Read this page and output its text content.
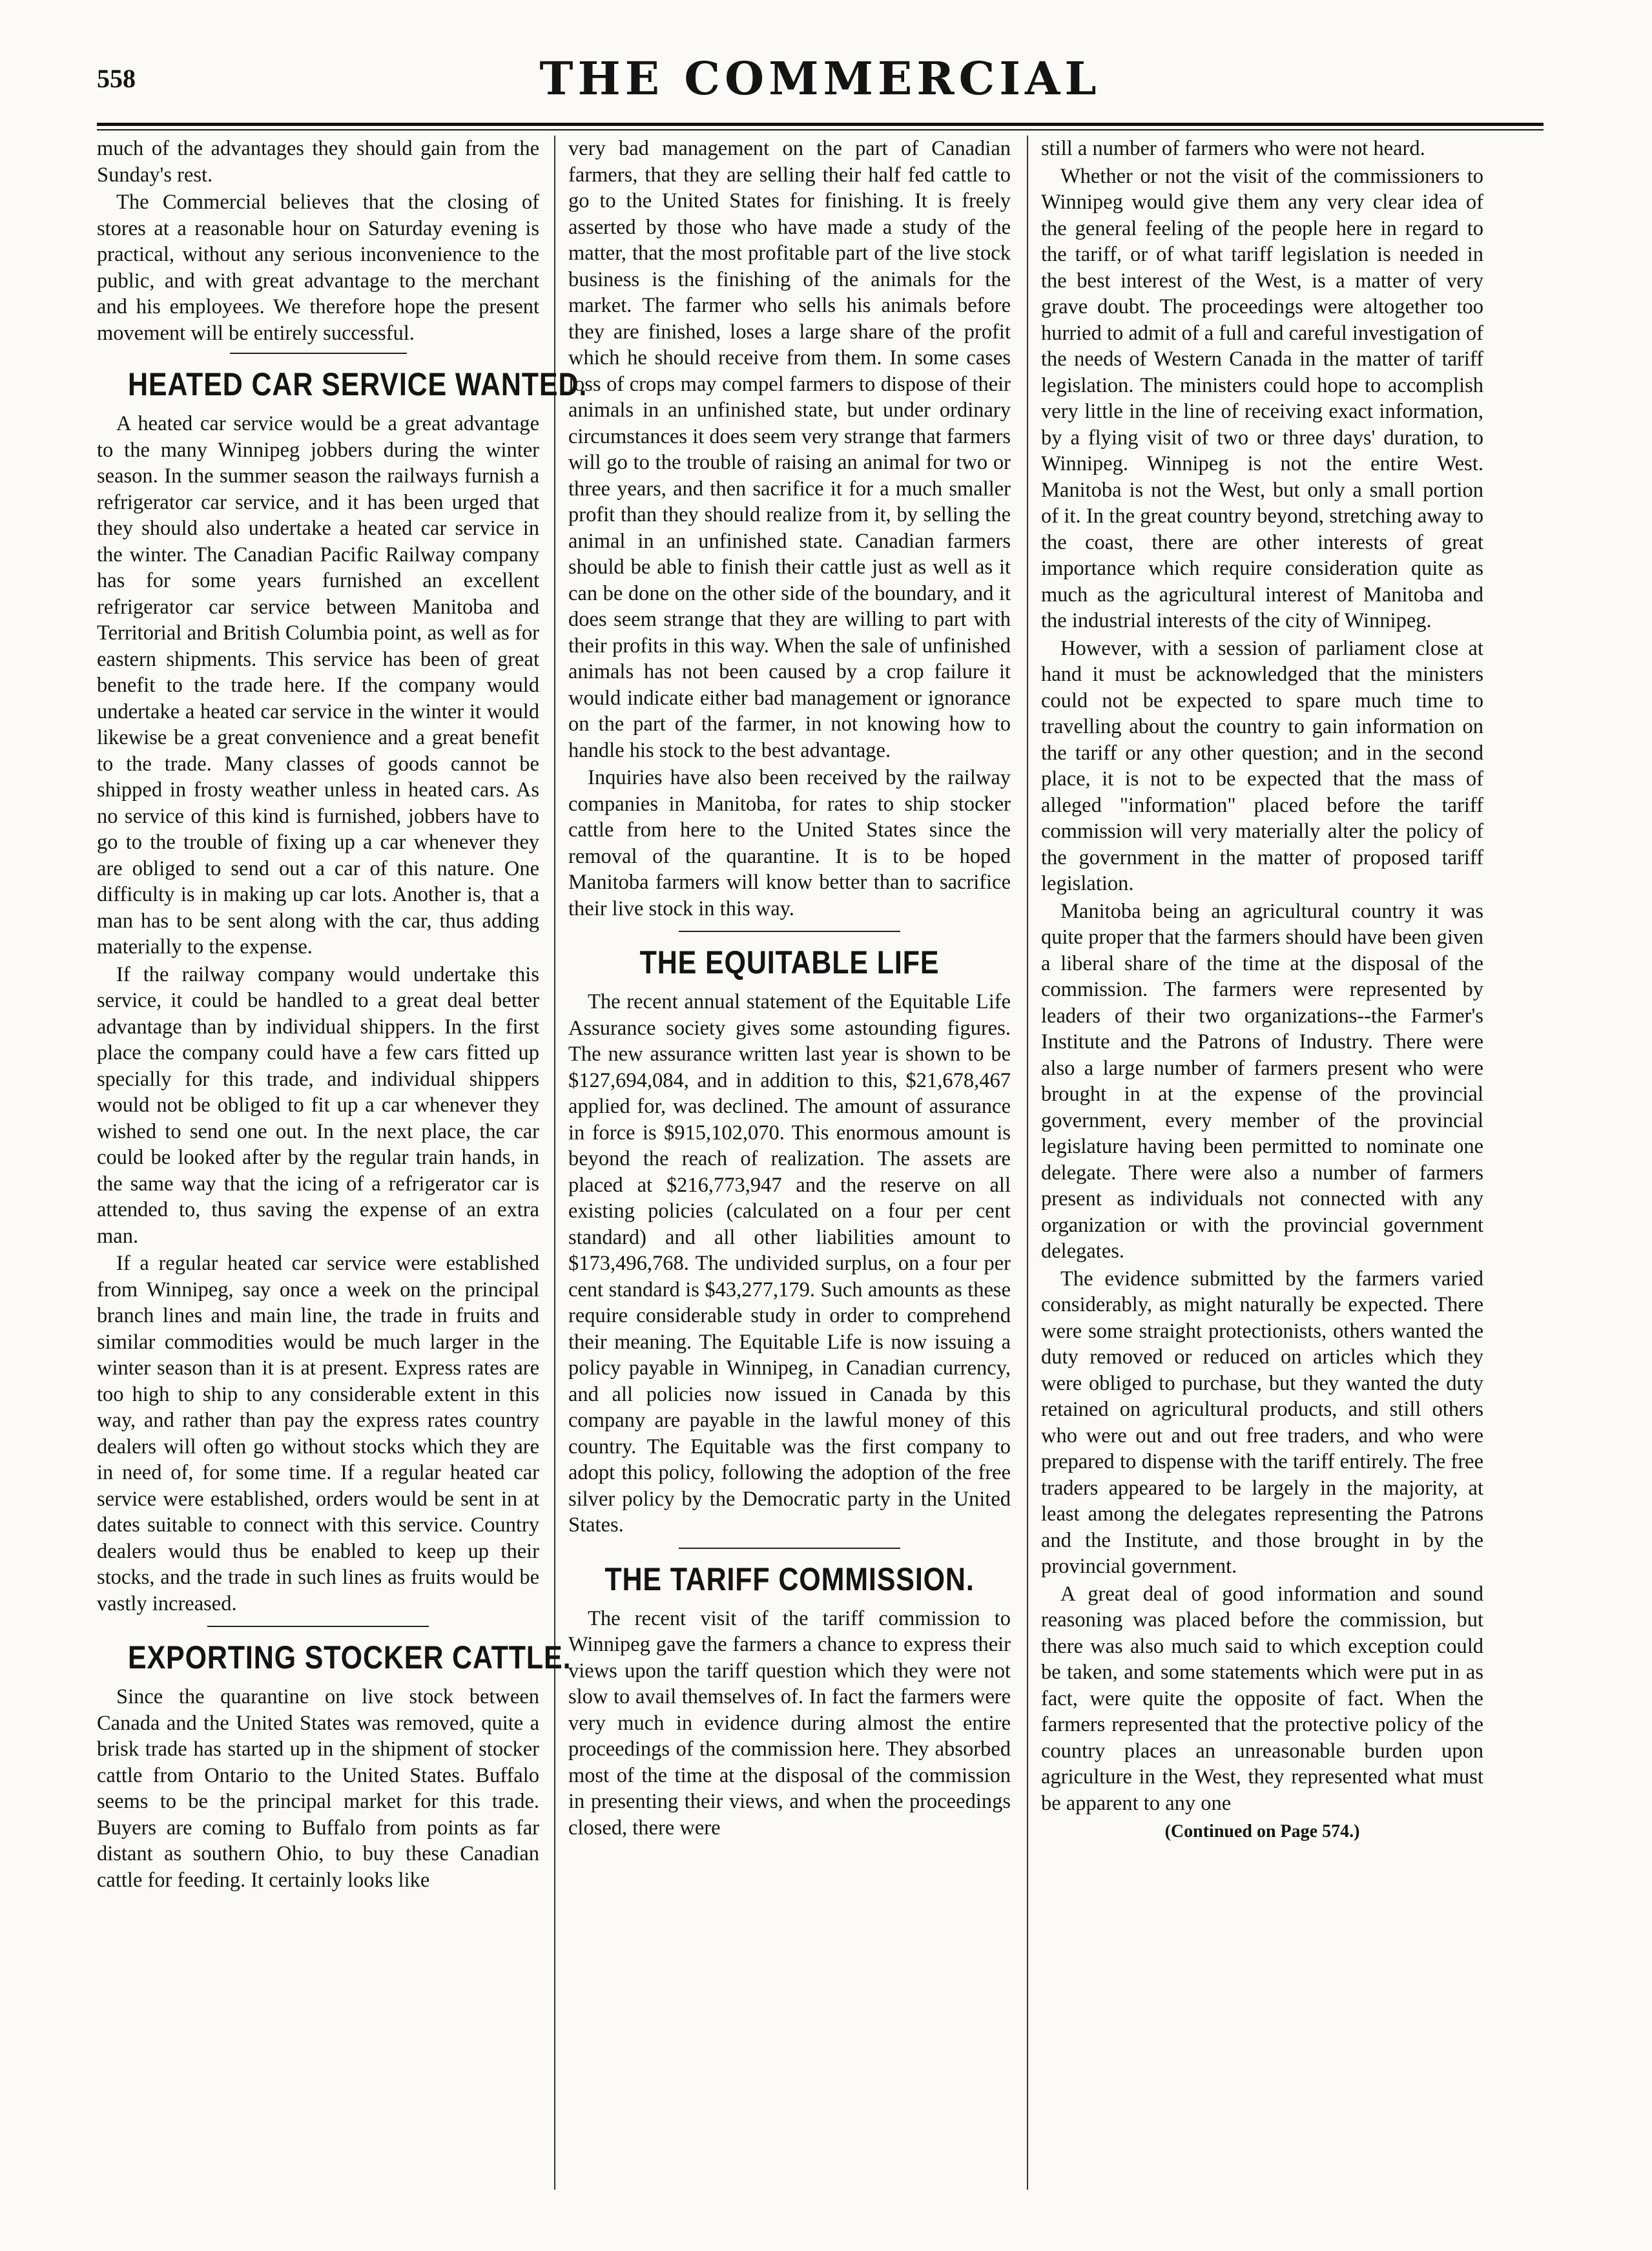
558	THE COMMERCIAL

much of the advantages they should gain from the Sunday's rest.

The Commercial believes that the closing of stores at a reasonable hour on Saturday evening is practical, without any serious inconvenience to the public, and with great advantage to the merchant and his employees. We therefore hope the present movement will be entirely successful.

HEATED CAR SERVICE WANTED.

A heated car service would be a great advantage to the many Winnipeg jobbers during the winter season. In the summer season the railways furnish a refrigerator car service, and it has been urged that they should also undertake a heated car service in the winter. The Canadian Pacific Railway company has for some years furnished an excellent refrigerator car service between Manitoba and Territorial and British Columbia point, as well as for eastern shipments. This service has been of great benefit to the trade here. If the company would undertake a heated car service in the winter it would likewise be a great convenience and a great benefit to the trade. Many classes of goods cannot be shipped in frosty weather unless in heated cars. As no service of this kind is furnished, jobbers have to go to the trouble of fixing up a car whenever they are obliged to send out a car of this nature. One difficulty is in making up car lots. Another is, that a man has to be sent along with the car, thus adding materially to the expense.

If the railway company would undertake this service, it could be handled to a great deal better advantage than by individual shippers. In the first place the company could have a few cars fitted up specially for this trade, and individual shippers would not be obliged to fit up a car whenever they wished to send one out. In the next place, the car could be looked after by the regular train hands, in the same way that the icing of a refrigerator car is attended to, thus saving the expense of an extra man.

If a regular heated car service were established from Winnipeg, say once a week on the principal branch lines and main line, the trade in fruits and similar commodities would be much larger in the winter season than it is at present. Express rates are too high to ship to any considerable extent in this way, and rather than pay the express rates country dealers will often go without stocks which they are in need of, for some time. If a regular heated car service were established, orders would be sent in at dates suitable to connect with this service. Country dealers would thus be enabled to keep up their stocks, and the trade in such lines as fruits would be vastly increased.

EXPORTING STOCKER CATTLE.

Since the quarantine on live stock between Canada and the United States was removed, quite a brisk trade has started up in the shipment of stocker cattle from Ontario to the United States. Buffalo seems to be the principal market for this trade. Buyers are coming to Buffalo from points as far distant as southern Ohio, to buy these Canadian cattle for feeding. It certainly looks like

very bad management on the part of Canadian farmers, that they are selling their half fed cattle to go to the United States for finishing. It is freely asserted by those who have made a study of the matter, that the most profitable part of the live stock business is the finishing of the animals for the market. The farmer who sells his animals before they are finished, loses a large share of the profit which he should receive from them. In some cases loss of crops may compel farmers to dispose of their animals in an unfinished state, but under ordinary circumstances it does seem very strange that farmers will go to the trouble of raising an animal for two or three years, and then sacrifice it for a much smaller profit than they should realize from it, by selling the animal in an unfinished state. Canadian farmers should be able to finish their cattle just as well as it can be done on the other side of the boundary, and it does seem strange that they are willing to part with their profits in this way. When the sale of unfinished animals has not been caused by a crop failure it would indicate either bad management or ignorance on the part of the farmer, in not knowing how to handle his stock to the best advantage.

Inquiries have also been received by the railway companies in Manitoba, for rates to ship stocker cattle from here to the United States since the removal of the quarantine. It is to be hoped Manitoba farmers will know better than to sacrifice their live stock in this way.

THE EQUITABLE LIFE

The recent annual statement of the Equitable Life Assurance society gives some astounding figures. The new assurance written last year is shown to be $127,694,084, and in addition to this, $21,678,467 applied for, was declined. The amount of assurance in force is $915,102,070. This enormous amount is beyond the reach of realization. The assets are placed at $216,773,947 and the reserve on all existing policies (calculated on a four per cent standard) and all other liabilities amount to $173,496,768. The undivided surplus, on a four per cent standard is $43,277,179. Such amounts as these require considerable study in order to comprehend their meaning. The Equitable Life is now issuing a policy payable in Winnipeg, in Canadian currency, and all policies now issued in Canada by this company are payable in the lawful money of this country. The Equitable was the first company to adopt this policy, following the adoption of the free silver policy by the Democratic party in the United States.

THE TARIFF COMMISSION.

The recent visit of the tariff commission to Winnipeg gave the farmers a chance to express their views upon the tariff question which they were not slow to avail themselves of. In fact the farmers were very much in evidence during almost the entire proceedings of the commission here. They absorbed most of the time at the disposal of the commission in presenting their views, and when the proceedings closed, there were

still a number of farmers who were not heard.

Whether or not the visit of the commissioners to Winnipeg would give them any very clear idea of the general feeling of the people here in regard to the tariff, or of what tariff legislation is needed in the best interest of the West, is a matter of very grave doubt. The proceedings were altogether too hurried to admit of a full and careful investigation of the needs of Western Canada in the matter of tariff legislation. The ministers could hope to accomplish very little in the line of receiving exact information, by a flying visit of two or three days' duration, to Winnipeg. Winnipeg is not the entire West. Manitoba is not the West, but only a small portion of it. In the great country beyond, stretching away to the coast, there are other interests of great importance which require consideration quite as much as the agricultural interest of Manitoba and the industrial interests of the city of Winnipeg.

However, with a session of parliament close at hand it must be acknowledged that the ministers could not be expected to spare much time to travelling about the country to gain information on the tariff or any other question; and in the second place, it is not to be expected that the mass of alleged "information" placed before the tariff commission will very materially alter the policy of the government in the matter of proposed tariff legislation.

Manitoba being an agricultural country it was quite proper that the farmers should have been given a liberal share of the time at the disposal of the commission. The farmers were represented by leaders of their two organizations--the Farmer's Institute and the Patrons of Industry. There were also a large number of farmers present who were brought in at the expense of the provincial government, every member of the provincial legislature having been permitted to nominate one delegate. There were also a number of farmers present as individuals not connected with any organization or with the provincial government delegates.

The evidence submitted by the farmers varied considerably, as might naturally be expected. There were some straight protectionists, others wanted the duty removed or reduced on articles which they were obliged to purchase, but they wanted the duty retained on agricultural products, and still others who were out and out free traders, and who were prepared to dispense with the tariff entirely. The free traders appeared to be largely in the majority, at least among the delegates representing the Patrons and the Institute, and those brought in by the provincial government.

A great deal of good information and sound reasoning was placed before the commission, but there was also much said to which exception could be taken, and some statements which were put in as fact, were quite the opposite of fact. When the farmers represented that the protective policy of the country places an unreasonable burden upon agriculture in the West, they represented what must be apparent to any one

(Continued on Page 574.)
